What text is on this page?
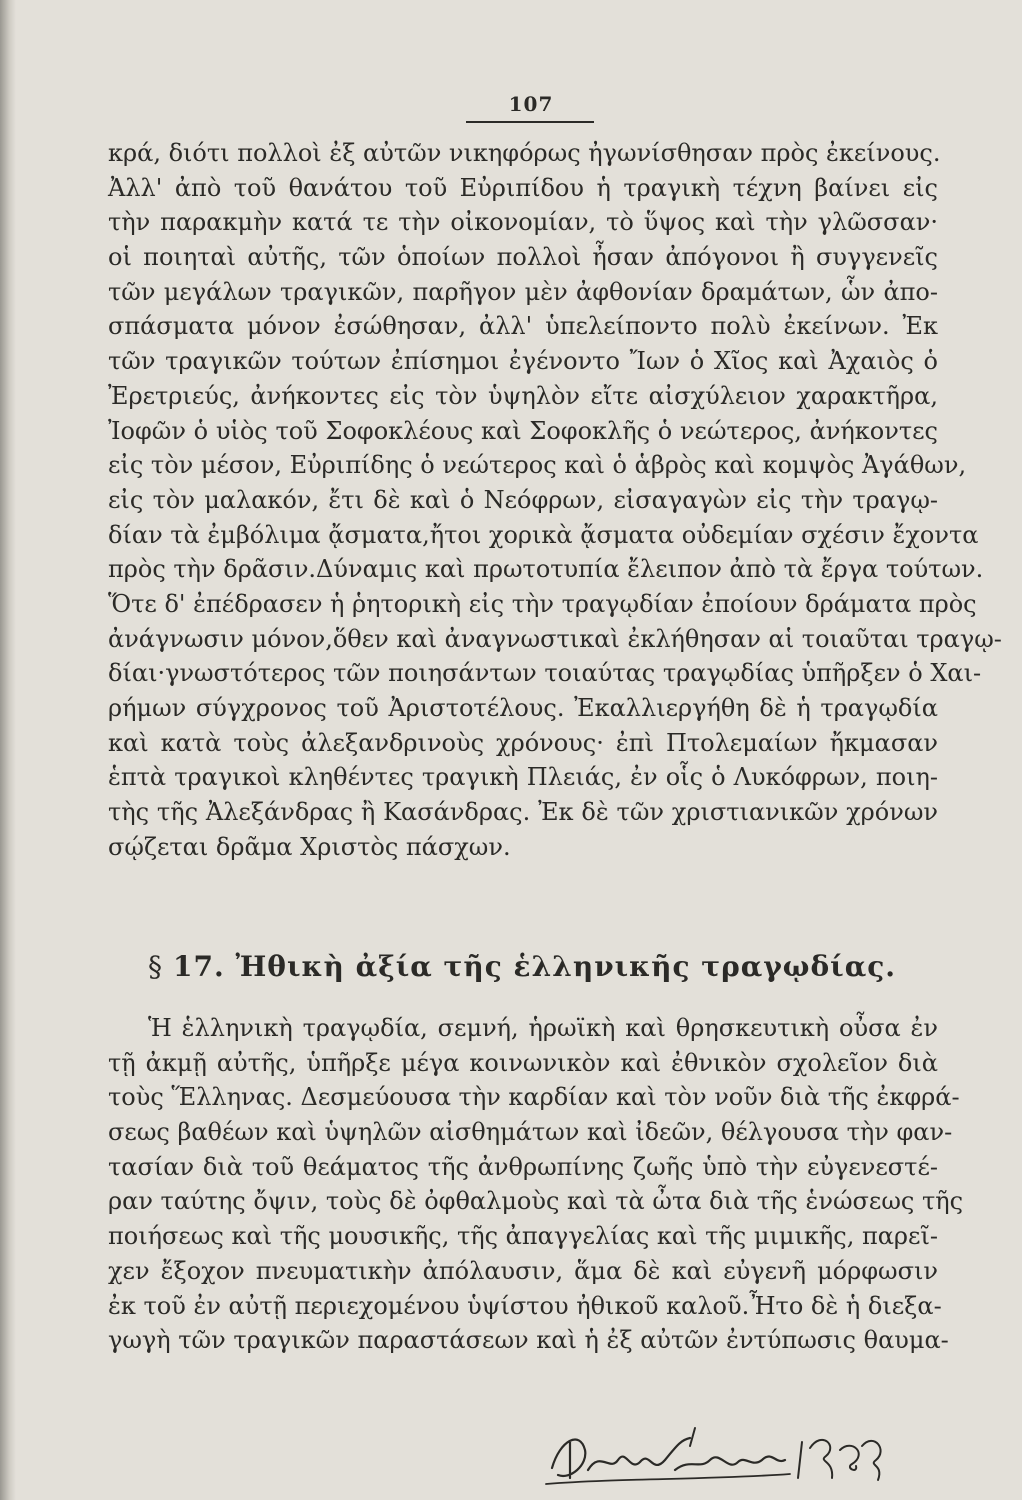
107
κρά, διότι πολλοὶ ἐξ αὐτῶν νικηφόρως ἠγωνίσθησαν πρὸς ἐκείνους.
Ἀλλ' ἀπὸ τοῦ θανάτου τοῦ Εὐριπίδου ἡ τραγικὴ τέχνη βαίνει εἰς
τὴν παρακμὴν κατά τε τὴν οἰκονομίαν, τὸ ὕψος καὶ τὴν γλῶσσαν·
οἱ ποιηταὶ αὐτῆς, τῶν ὁποίων πολλοὶ ἦσαν ἀπόγονοι ἢ συγγενεῖς
τῶν μεγάλων τραγικῶν, παρῆγον μὲν ἀφθονίαν δραμάτων, ὧν ἀπο-
σπάσματα μόνον ἐσώθησαν, ἀλλ' ὑπελείποντο πολὺ ἐκείνων. Ἐκ
τῶν τραγικῶν τούτων ἐπίσημοι ἐγένοντο Ἴων ὁ Χῖος καὶ Ἀχαιὸς ὁ
Ἐρετριεύς, ἀνήκοντες εἰς τὸν ὑψηλὸν εἴτε αἰσχύλειον χαρακτῆρα,
Ἰοφῶν ὁ υἱὸς τοῦ Σοφοκλέους καὶ Σοφοκλῆς ὁ νεώτερος, ἀνήκοντες
εἰς τὸν μέσον, Εὐριπίδης ὁ νεώτερος καὶ ὁ ἁβρὸς καὶ κομψὸς Ἀγάθων,
εἰς τὸν μαλακόν, ἔτι δὲ καὶ ὁ Νεόφρων, εἰσαγαγὼν εἰς τὴν τραγῳ-
δίαν τὰ ἐμβόλιμα ᾄσματα,ἤτοι χορικὰ ᾄσματα οὐδεμίαν σχέσιν ἔχοντα
πρὸς τὴν δρᾶσιν.Δύναμις καὶ πρωτοτυπία ἔλειπον ἀπὸ τὰ ἔργα τούτων.
Ὅτε δ' ἐπέδρασεν ἡ ῥητορικὴ εἰς τὴν τραγῳδίαν ἐποίουν δράματα πρὸς
ἀνάγνωσιν μόνον,ὅθεν καὶ ἀναγνωστικαὶ ἐκλήθησαν αἱ τοιαῦται τραγῳ-
δίαι·γνωστότερος τῶν ποιησάντων τοιαύτας τραγῳδίας ὑπῆρξεν ὁ Χαι-
ρήμων σύγχρονος τοῦ Ἀριστοτέλους. Ἐκαλλιεργήθη δὲ ἡ τραγῳδία
καὶ κατὰ τοὺς ἀλεξανδρινοὺς χρόνους· ἐπὶ Πτολεμαίων ἤκμασαν
ἑπτὰ τραγικοὶ κληθέντες τραγικὴ Πλειάς, ἐν οἷς ὁ Λυκόφρων, ποιη-
τὴς τῆς Ἀλεξάνδρας ἢ Κασάνδρας. Ἐκ δὲ τῶν χριστιανικῶν χρόνων
σῴζεται δρᾶμα Χριστὸς πάσχων.
§ 17. Ἠθικὴ ἀξία τῆς ἑλληνικῆς τραγῳδίας.
Ἡ ἑλληνικὴ τραγῳδία, σεμνή, ἡρωϊκὴ καὶ θρησκευτικὴ οὖσα ἐν
τῇ ἀκμῇ αὐτῆς, ὑπῆρξε μέγα κοινωνικὸν καὶ ἐθνικὸν σχολεῖον διὰ
τοὺς Ἕλληνας. Δεσμεύουσα τὴν καρδίαν καὶ τὸν νοῦν διὰ τῆς ἐκφρά-
σεως βαθέων καὶ ὑψηλῶν αἰσθημάτων καὶ ἰδεῶν, θέλγουσα τὴν φαν-
τασίαν διὰ τοῦ θεάματος τῆς ἀνθρωπίνης ζωῆς ὑπὸ τὴν εὐγενεστέ-
ραν ταύτης ὄψιν, τοὺς δὲ ὀφθαλμοὺς καὶ τὰ ὦτα διὰ τῆς ἑνώσεως τῆς
ποιήσεως καὶ τῆς μουσικῆς, τῆς ἀπαγγελίας καὶ τῆς μιμικῆς, παρεῖ-
χεν ἔξοχον πνευματικὴν ἀπόλαυσιν, ἅμα δὲ καὶ εὐγενῆ μόρφωσιν
ἐκ τοῦ ἐν αὐτῇ περιεχομένου ὑψίστου ἠθικοῦ καλοῦ.Ἦτο δὲ ἡ διεξα-
γωγὴ τῶν τραγικῶν παραστάσεων καὶ ἡ ἐξ αὐτῶν ἐντύπωσις θαυμα-
